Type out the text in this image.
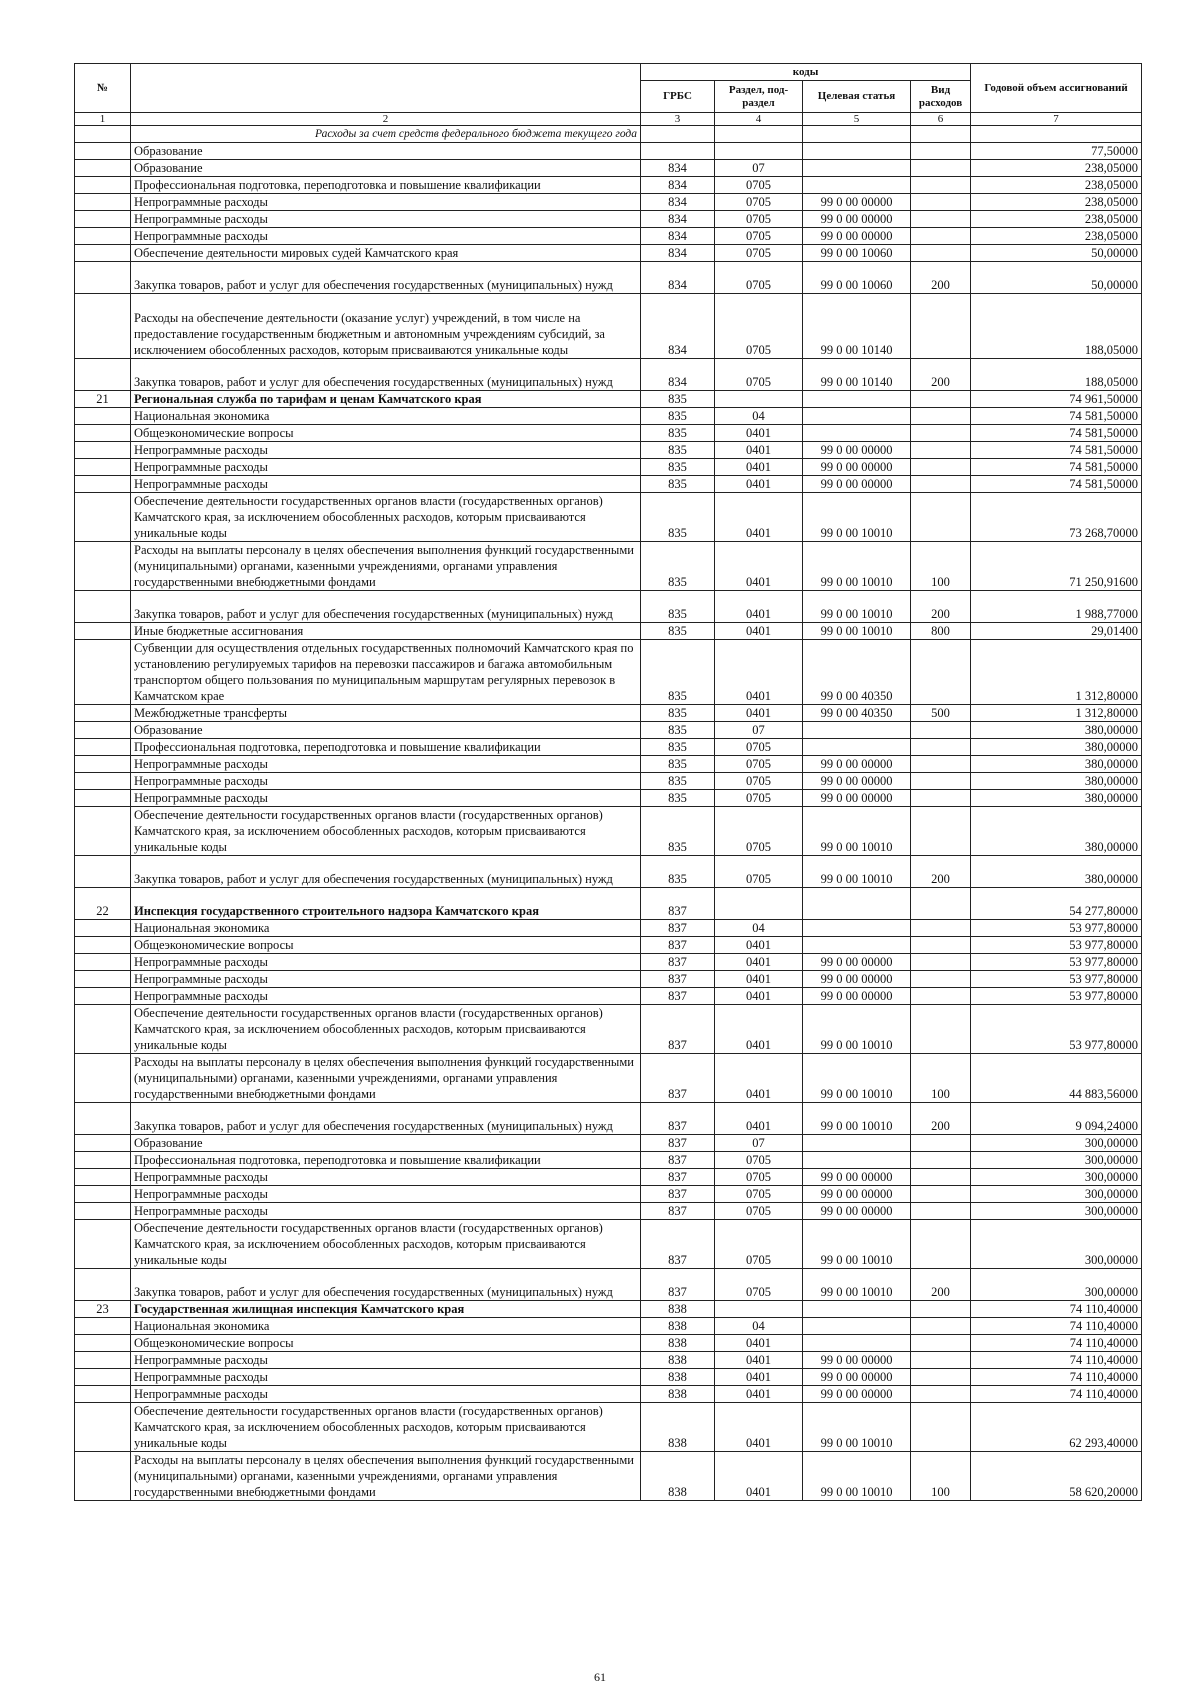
№		коды				Годовой объем ассигнований
		ГРБС	Раздел, под-раздел	Целевая статья	Вид расходов	
1	2	3	4	5	6	7
	Расходы за счет средств федерального бюджета текущего года					
	Образование					77,50000
	Образование	834	07			238,05000
	Профессиональная подготовка, переподготовка и повышение квалификации	834	0705			238,05000
	Непрограммные расходы	834	0705	99 0 00 00000		238,05000
	Непрограммные расходы	834	0705	99 0 00 00000		238,05000
	Непрограммные расходы	834	0705	99 0 00 00000		238,05000
	Обеспечение деятельности мировых судей Камчатского края	834	0705	99 0 00 10060		50,00000
	Закупка товаров, работ и услуг для обеспечения государственных (муниципальных) нужд	834	0705	99 0 00 10060	200	50,00000
	Расходы на обеспечение деятельности (оказание услуг) учреждений, в том числе на предоставление государственным бюджетным и автономным учреждениям субсидий, за исключением обособленных расходов, которым присваиваются уникальные коды	834	0705	99 0 00 10140		188,05000
	Закупка товаров, работ и услуг для обеспечения государственных (муниципальных) нужд	834	0705	99 0 00 10140	200	188,05000
21	Региональная служба по тарифам и ценам Камчатского края	835				74 961,50000
	Национальная экономика	835	04			74 581,50000
	Общеэкономические вопросы	835	0401			74 581,50000
	Непрограммные расходы	835	0401	99 0 00 00000		74 581,50000
	Непрограммные расходы	835	0401	99 0 00 00000		74 581,50000
	Непрограммные расходы	835	0401	99 0 00 00000		74 581,50000
	Обеспечение деятельности государственных органов власти (государственных органов) Камчатского края, за исключением обособленных расходов, которым присваиваются уникальные коды	835	0401	99 0 00 10010		73 268,70000
	Расходы на выплаты персоналу в целях обеспечения выполнения функций государственными (муниципальными) органами, казенными учреждениями, органами управления государственными внебюджетными фондами	835	0401	99 0 00 10010	100	71 250,91600
	Закупка товаров, работ и услуг для обеспечения государственных (муниципальных) нужд	835	0401	99 0 00 10010	200	1 988,77000
	Иные бюджетные ассигнования	835	0401	99 0 00 10010	800	29,01400
	Субвенции для осуществления отдельных государственных полномочий Камчатского края по установлению регулируемых тарифов на перевозки пассажиров и багажа автомобильным транспортом общего пользования по муниципальным маршрутам регулярных перевозок в Камчатском крае	835	0401	99 0 00 40350		1 312,80000
	Межбюджетные трансферты	835	0401	99 0 00 40350	500	1 312,80000
	Образование	835	07			380,00000
	Профессиональная подготовка, переподготовка и повышение квалификации	835	0705			380,00000
	Непрограммные расходы	835	0705	99 0 00 00000		380,00000
	Непрограммные расходы	835	0705	99 0 00 00000		380,00000
	Непрограммные расходы	835	0705	99 0 00 00000		380,00000
	Обеспечение деятельности государственных органов власти (государственных органов) Камчатского края, за исключением обособленных расходов, которым присваиваются уникальные коды	835	0705	99 0 00 10010		380,00000
	Закупка товаров, работ и услуг для обеспечения государственных (муниципальных) нужд	835	0705	99 0 00 10010	200	380,00000
22	Инспекция государственного строительного надзора Камчатского края	837				54 277,80000
	Национальная экономика	837	04			53 977,80000
	Общеэкономические вопросы	837	0401			53 977,80000
	Непрограммные расходы	837	0401	99 0 00 00000		53 977,80000
	Непрограммные расходы	837	0401	99 0 00 00000		53 977,80000
	Непрограммные расходы	837	0401	99 0 00 00000		53 977,80000
	Обеспечение деятельности государственных органов власти (государственных органов) Камчатского края, за исключением обособленных расходов, которым присваиваются уникальные коды	837	0401	99 0 00 10010		53 977,80000
	Расходы на выплаты персоналу в целях обеспечения выполнения функций государственными (муниципальными) органами, казенными учреждениями, органами управления государственными внебюджетными фондами	837	0401	99 0 00 10010	100	44 883,56000
	Закупка товаров, работ и услуг для обеспечения государственных (муниципальных) нужд	837	0401	99 0 00 10010	200	9 094,24000
	Образование	837	07			300,00000
	Профессиональная подготовка, переподготовка и повышение квалификации	837	0705			300,00000
	Непрограммные расходы	837	0705	99 0 00 00000		300,00000
	Непрограммные расходы	837	0705	99 0 00 00000		300,00000
	Непрограммные расходы	837	0705	99 0 00 00000		300,00000
	Обеспечение деятельности государственных органов власти (государственных органов) Камчатского края, за исключением обособленных расходов, которым присваиваются уникальные коды	837	0705	99 0 00 10010		300,00000
	Закупка товаров, работ и услуг для обеспечения государственных (муниципальных) нужд	837	0705	99 0 00 10010	200	300,00000
23	Государственная жилищная инспекция Камчатского края	838				74 110,40000
	Национальная экономика	838	04			74 110,40000
	Общеэкономические вопросы	838	0401			74 110,40000
	Непрограммные расходы	838	0401	99 0 00 00000		74 110,40000
	Непрограммные расходы	838	0401	99 0 00 00000		74 110,40000
	Непрограммные расходы	838	0401	99 0 00 00000		74 110,40000
	Обеспечение деятельности государственных органов власти (государственных органов) Камчатского края, за исключением обособленных расходов, которым присваиваются уникальные коды	838	0401	99 0 00 10010		62 293,40000
	Расходы на выплаты персоналу в целях обеспечения выполнения функций государственными (муниципальными) органами, казенными учреждениями, органами управления государственными внебюджетными фондами	838	0401	99 0 00 10010	100	58 620,20000
61
